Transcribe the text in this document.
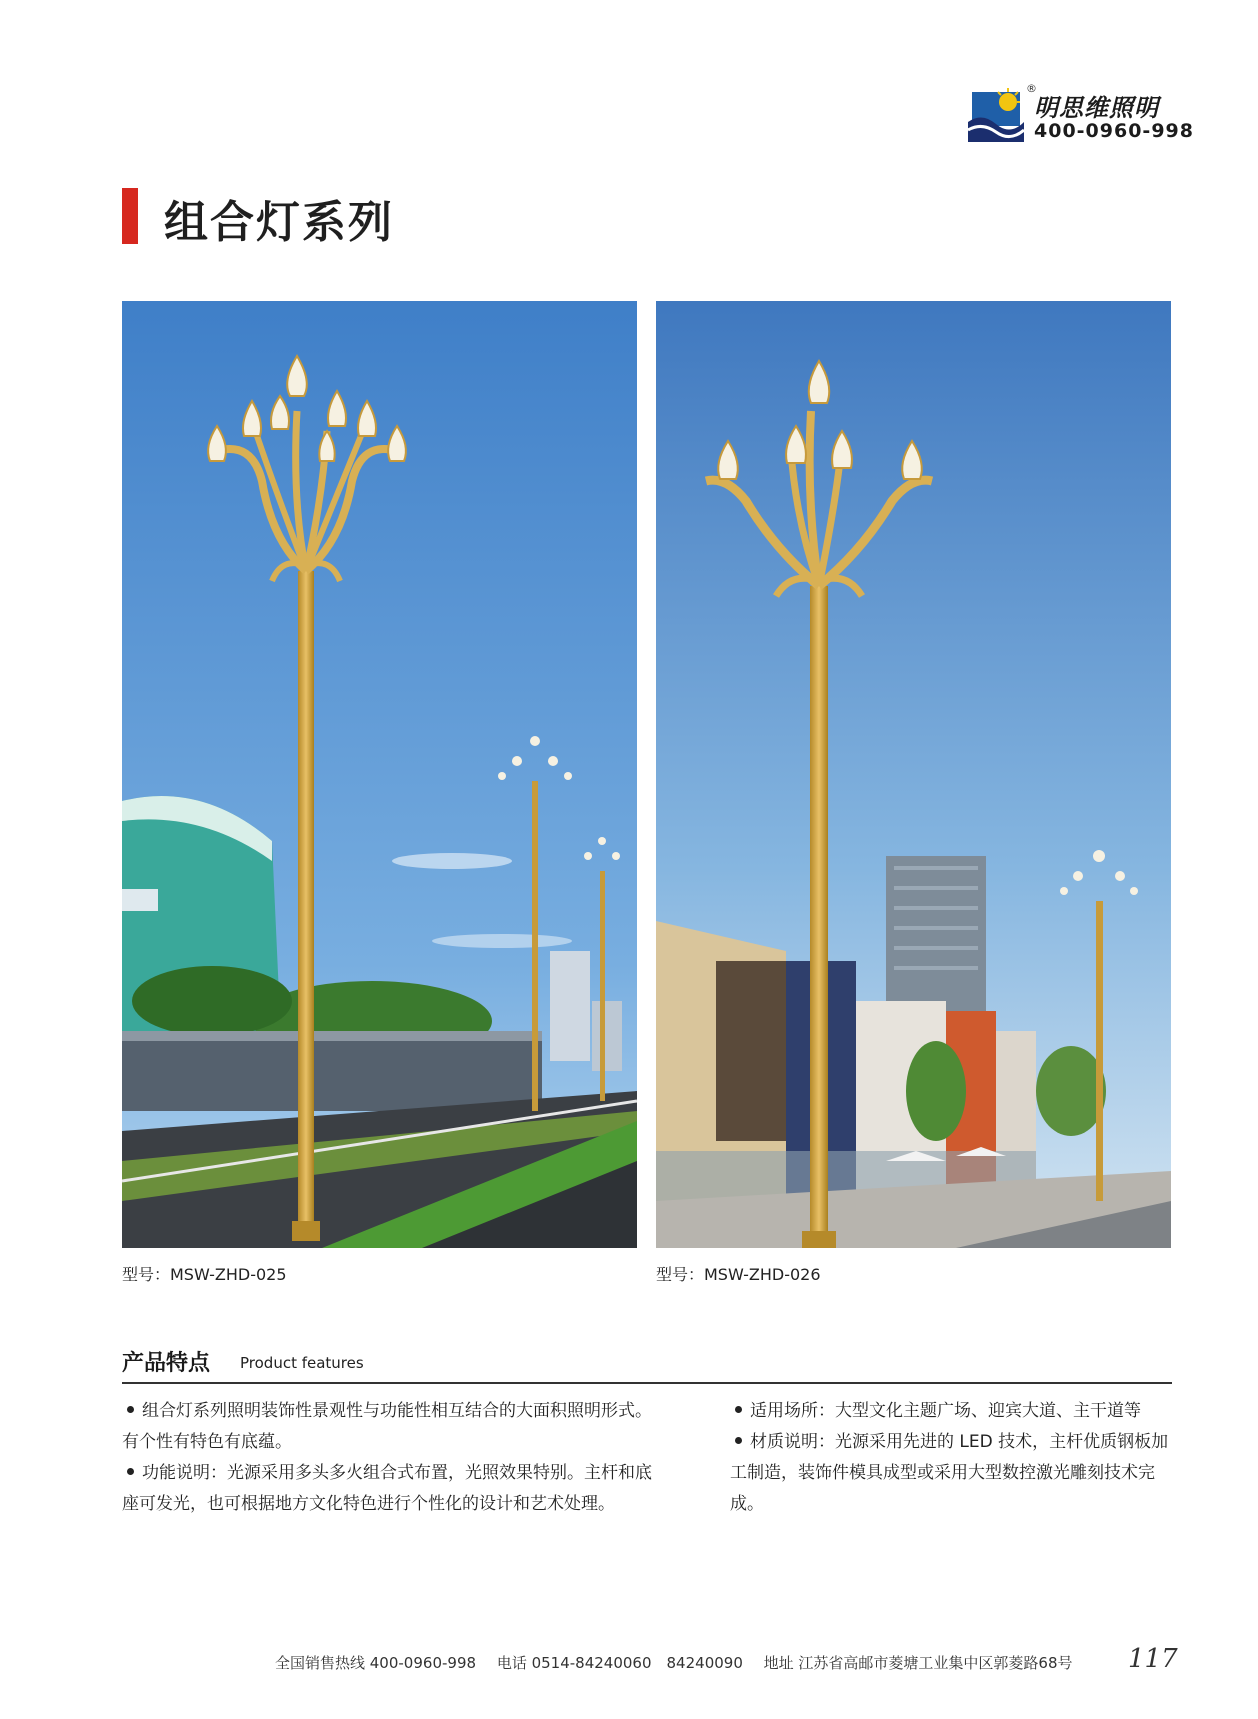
®
明思维照明
400-0960-998
组合灯系列
型号：MSW-ZHD-025	型号：MSW-ZHD-026
产品特点 Product features

组合灯系列照明装饰性景观性与功能性相互结合的大面积照明形式。有个性有特色有底蕴。

功能说明：光源采用多头多火组合式布置，光照效果特别。主杆和底座可发光，也可根据地方文化特色进行个性化的设计和艺术处理。

适用场所：大型文化主题广场、迎宾大道、主干道等

材质说明：光源采用先进的 LED 技术，主杆优质钢板加工制造，装饰件模具成型或采用大型数控激光雕刻技术完成。

全国销售热线 400-0960-998 电话 0514-84240060　84240090 地址 江苏省高邮市菱塘工业集中区郭菱路68号	117
